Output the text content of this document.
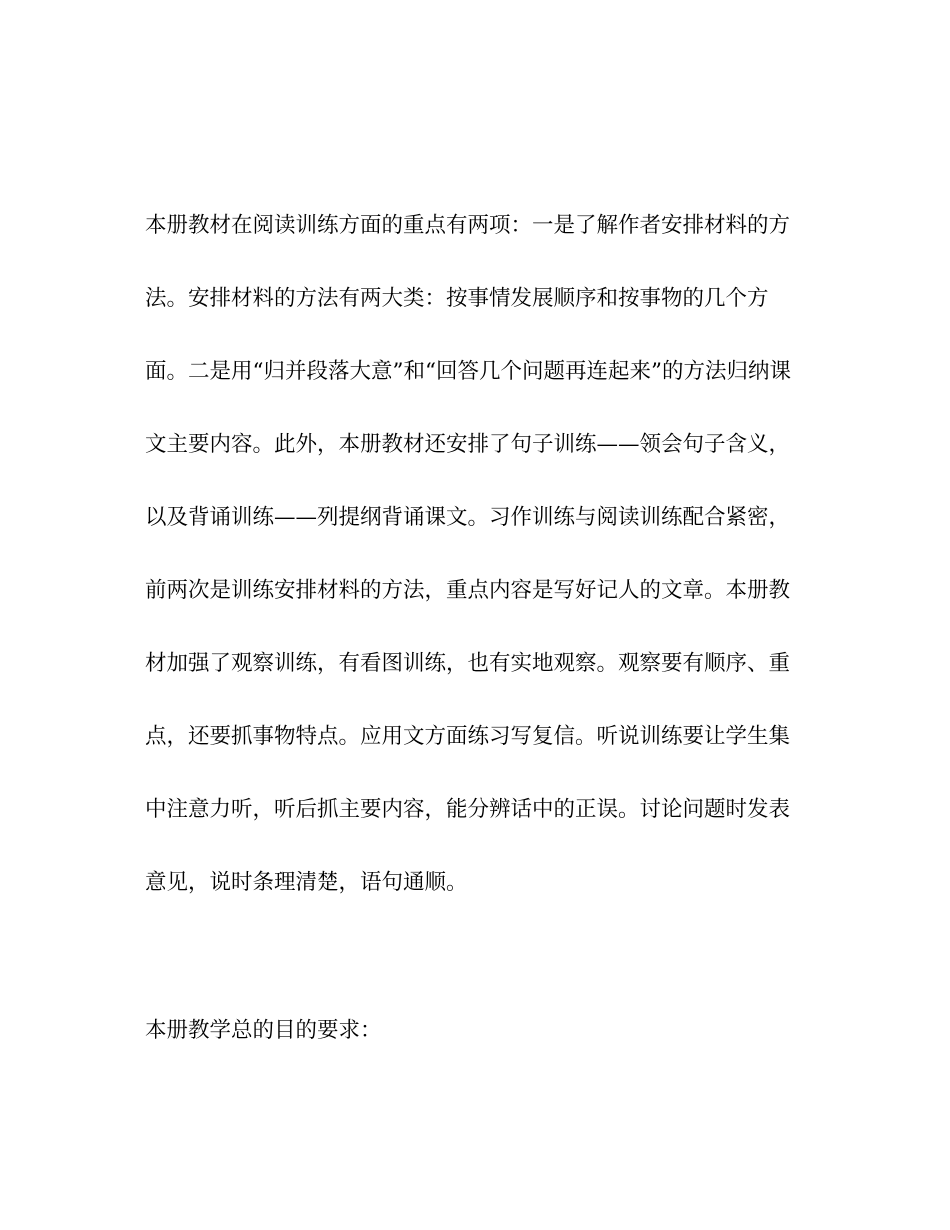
本册教材在阅读训练方面的重点有两项：一是了解作者安排材料的方
法。安排材料的方法有两大类：按事情发展顺序和按事物的几个方
面。二是用“归并段落大意”和“回答几个问题再连起来”的方法归纳课
文主要内容。此外，本册教材还安排了句子训练——领会句子含义，
以及背诵训练——列提纲背诵课文。习作训练与阅读训练配合紧密，
前两次是训练安排材料的方法，重点内容是写好记人的文章。本册教
材加强了观察训练，有看图训练，也有实地观察。观察要有顺序、重
点，还要抓事物特点。应用文方面练习写复信。听说训练要让学生集
中注意力听，听后抓主要内容，能分辨话中的正误。讨论问题时发表
意见，说时条理清楚，语句通顺。
本册教学总的目的要求：
